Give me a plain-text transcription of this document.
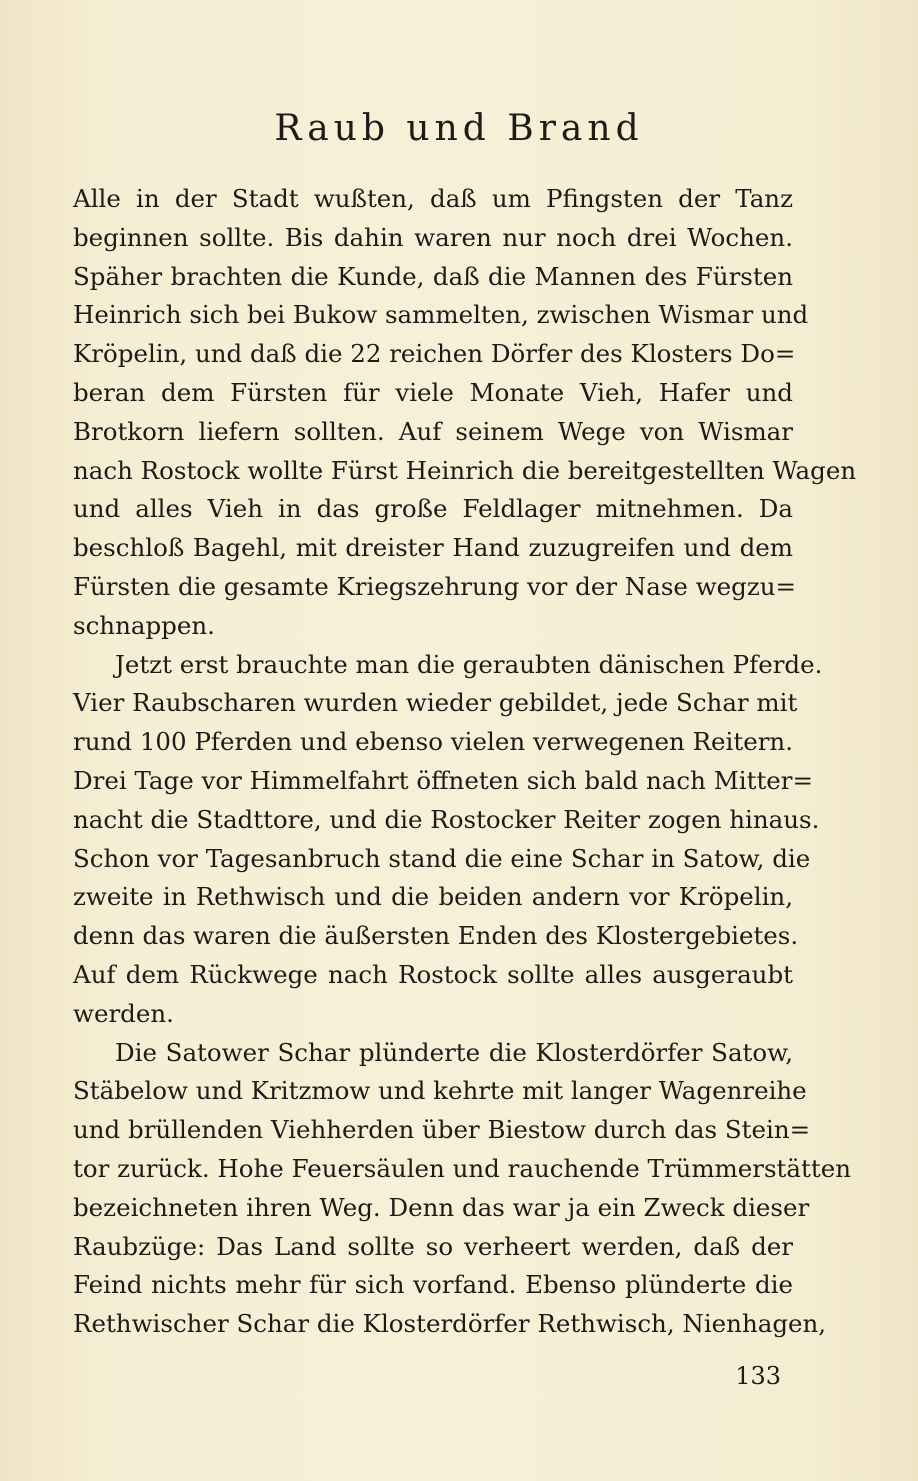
Raub und Brand
Alle in der Stadt wußten, daß um Pfingsten der Tanz
beginnen sollte. Bis dahin waren nur noch drei Wochen.
Späher brachten die Kunde, daß die Mannen des Fürsten
Heinrich sich bei Bukow sammelten, zwischen Wismar und
Kröpelin, und daß die 22 reichen Dörfer des Klosters Do=
beran dem Fürsten für viele Monate Vieh, Hafer und
Brotkorn liefern sollten. Auf seinem Wege von Wismar
nach Rostock wollte Fürst Heinrich die bereitgestellten Wagen
und alles Vieh in das große Feldlager mitnehmen. Da
beschloß Bagehl, mit dreister Hand zuzugreifen und dem
Fürsten die gesamte Kriegszehrung vor der Nase wegzu=
schnappen.
Jetzt erst brauchte man die geraubten dänischen Pferde.
Vier Raubscharen wurden wieder gebildet, jede Schar mit
rund 100 Pferden und ebenso vielen verwegenen Reitern.
Drei Tage vor Himmelfahrt öffneten sich bald nach Mitter=
nacht die Stadttore, und die Rostocker Reiter zogen hinaus.
Schon vor Tagesanbruch stand die eine Schar in Satow, die
zweite in Rethwisch und die beiden andern vor Kröpelin,
denn das waren die äußersten Enden des Klostergebietes.
Auf dem Rückwege nach Rostock sollte alles ausgeraubt
werden.
Die Satower Schar plünderte die Klosterdörfer Satow,
Stäbelow und Kritzmow und kehrte mit langer Wagenreihe
und brüllenden Viehherden über Biestow durch das Stein=
tor zurück. Hohe Feuersäulen und rauchende Trümmerstätten
bezeichneten ihren Weg. Denn das war ja ein Zweck dieser
Raubzüge: Das Land sollte so verheert werden, daß der
Feind nichts mehr für sich vorfand. Ebenso plünderte die
Rethwischer Schar die Klosterdörfer Rethwisch, Nienhagen,
133
